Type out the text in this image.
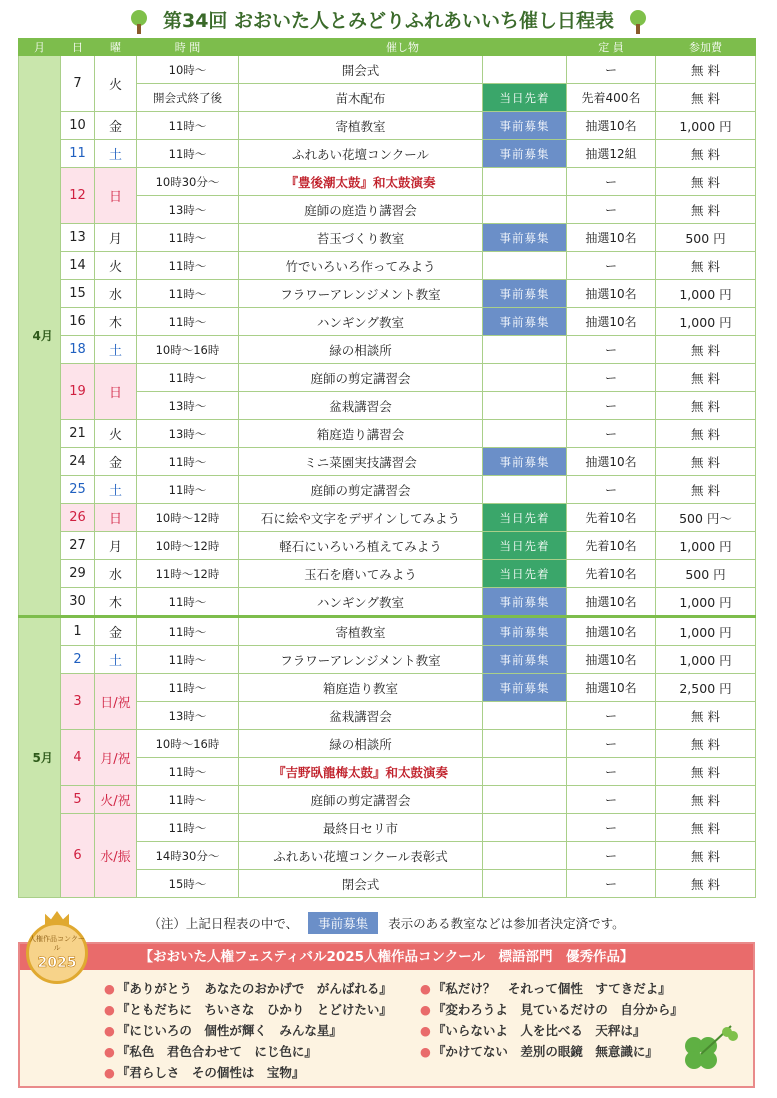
第34回 おおいた人とみどりふれあいいち催し日程表
月	日	曜	時 間	催し物		定 員	参加費
4月	7	火	10時～	開会式		ー	無 料
			開会式終了後	苗木配布	当日先着	先着400名	無 料
	10	金	11時～	寄植教室	事前募集	抽選10名	1,000 円
	11	土	11時～	ふれあい花壇コンクール	事前募集	抽選12組	無 料
	12	日	10時30分～	『豊後潮太鼓』和太鼓演奏		ー	無 料
			13時～	庭師の庭造り講習会		ー	無 料
	13	月	11時～	苔玉づくり教室	事前募集	抽選10名	500 円
	14	火	11時～	竹でいろいろ作ってみよう		ー	無 料
	15	水	11時～	フラワーアレンジメント教室	事前募集	抽選10名	1,000 円
	16	木	11時～	ハンギング教室	事前募集	抽選10名	1,000 円
	18	土	10時～16時	緑の相談所		ー	無 料
	19	日	11時～	庭師の剪定講習会		ー	無 料
			13時～	盆栽講習会		ー	無 料
	21	火	13時～	箱庭造り講習会		ー	無 料
	24	金	11時～	ミニ菜園実技講習会	事前募集	抽選10名	無 料
	25	土	11時～	庭師の剪定講習会		ー	無 料
	26	日	10時～12時	石に絵や文字をデザインしてみよう	当日先着	先着10名	500 円～
	27	月	10時～12時	軽石にいろいろ植えてみよう	当日先着	先着10名	1,000 円
	29	水	11時～12時	玉石を磨いてみよう	当日先着	先着10名	500 円
	30	木	11時～	ハンギング教室	事前募集	抽選10名	1,000 円
5月	1	金	11時～	寄植教室	事前募集	抽選10名	1,000 円
	2	土	11時～	フラワーアレンジメント教室	事前募集	抽選10名	1,000 円
	3	日/祝	11時～	箱庭造り教室	事前募集	抽選10名	2,500 円
			13時～	盆栽講習会		ー	無 料
	4	月/祝	10時～16時	緑の相談所		ー	無 料
			11時～	『吉野臥龍梅太鼓』和太鼓演奏		ー	無 料
	5	火/祝	11時～	庭師の剪定講習会		ー	無 料
	6	水/振	11時～	最終日セリ市		ー	無 料
			14時30分～	ふれあい花壇コンクール表彰式		ー	無 料
			15時～	閉会式		ー	無 料
（注）上記日程表の中で、 事前募集 表示のある教室などは参加者決定済です。
【おおいた人権フェスティバル2025人権作品コンクール　標語部門　優秀作品】
人権作品コンクール
2025
● 『ありがとう　あなたのおかげで　がんばれる』
● 『ともだちに　ちいさな　ひかり　とどけたい』
● 『にじいろの　個性が輝く　みんな星』
● 『私色　君色合わせて　にじ色に』
● 『君らしさ　その個性は　宝物』
● 『私だけ？　それって個性　すてきだよ』
● 『変わろうよ　見ているだけの　自分から』
● 『いらないよ　人を比べる　天秤は』
● 『かけてない　差別の眼鏡　無意識に』
